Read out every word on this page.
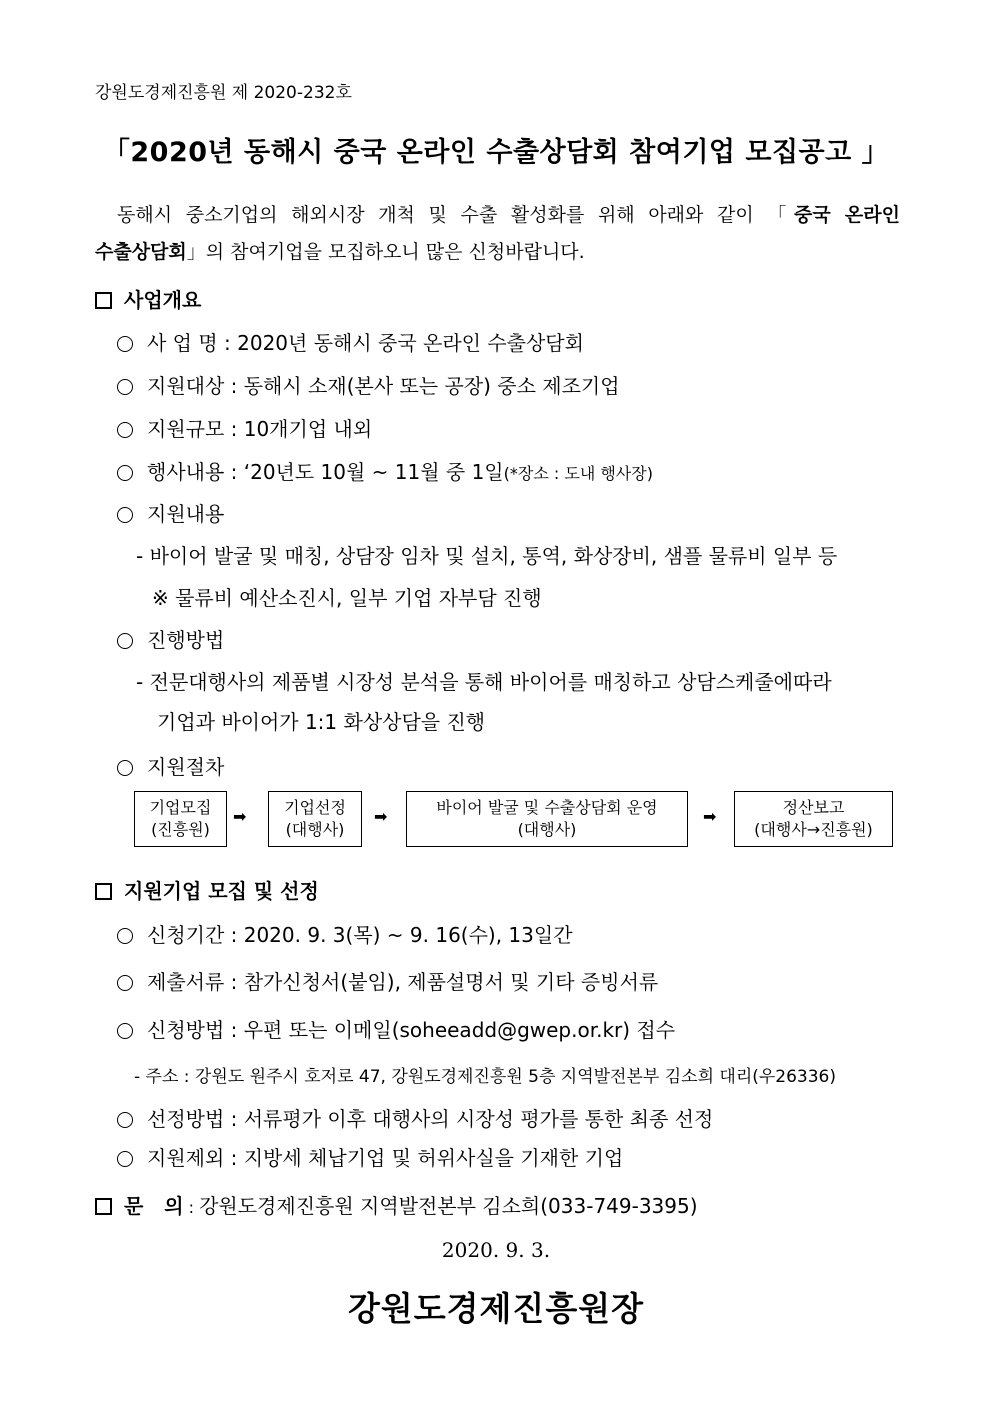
강원도경제진흥원 제 2020-232호
「2020년 동해시 중국 온라인 수출상담회 참여기업 모집공고 」
동해시 중소기업의 해외시장 개척 및 수출 활성화를 위해 아래와 같이 「중국 온라인
수출상담회」의 참여기업을 모집하오니 많은 신청바랍니다.
사업개요
사 업 명 : 2020년 동해시 중국 온라인 수출상담회
지원대상 : 동해시 소재(본사 또는 공장) 중소 제조기업
지원규모 : 10개기업 내외
행사내용 : ‘20년도 10월 ~ 11월 중 1일(*장소 : 도내 행사장)
지원내용
- 바이어 발굴 및 매칭, 상담장 임차 및 설치, 통역, 화상장비, 샘플 물류비 일부 등
※ 물류비 예산소진시, 일부 기업 자부담 진행
진행방법
- 전문대행사의 제품별 시장성 분석을 통해 바이어를 매칭하고 상담스케줄에따라
기업과 바이어가 1:1 화상상담을 진행
지원절차
기업모집
(진흥원)
➡	기업선정
(대행사)
➡	바이어 발굴 및 수출상담회 운영
(대행사)
➡	정산보고
(대행사→진흥원)
지원기업 모집 및 선정
신청기간 : 2020. 9. 3(목) ~ 9. 16(수), 13일간
제출서류 : 참가신청서(붙임), 제품설명서 및 기타 증빙서류
신청방법 : 우편 또는 이메일(soheeadd@gwep.or.kr) 접수
- 주소 : 강원도 원주시 호저로 47, 강원도경제진흥원 5층 지역발전본부 김소희 대리(우26336)
선정방법 : 서류평가 이후 대행사의 시장성 평가를 통한 최종 선정
지원제외 : 지방세 체납기업 및 허위사실을 기재한 기업
문   의 : 강원도경제진흥원 지역발전본부 김소희(033-749-3395)
2020. 9. 3.
강원도경제진흥원장
